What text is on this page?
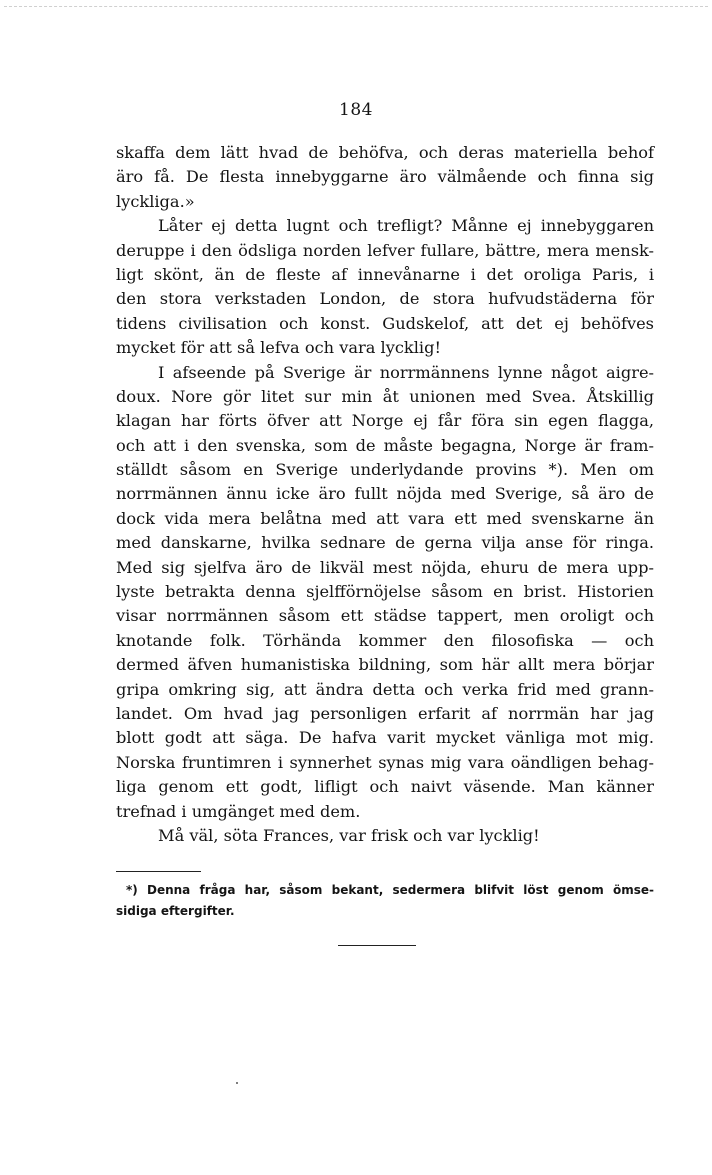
184
skaffa dem lätt hvad de behöfva, och deras materiella behof
äro få. De flesta innebyggarne äro välmående och finna sig
lyckliga.»
Låter ej detta lugnt och trefligt? Månne ej innebyggaren
deruppe i den ödsliga norden lefver fullare, bättre, mera mensk-
ligt skönt, än de fleste af innevånarne i det oroliga Paris, i
den stora verkstaden London, de stora hufvudstäderna för
tidens civilisation och konst. Gudskelof, att det ej behöfves
mycket för att så lefva och vara lycklig!
I afseende på Sverige är norrmännens lynne något aigre-
doux. Nore gör litet sur min åt unionen med Svea. Åtskillig
klagan har förts öfver att Norge ej får föra sin egen flagga,
och att i den svenska, som de måste begagna, Norge är fram-
ställdt såsom en Sverige underlydande provins *). Men om
norrmännen ännu icke äro fullt nöjda med Sverige, så äro de
dock vida mera belåtna med att vara ett med svenskarne än
med danskarne, hvilka sednare de gerna vilja anse för ringa.
Med sig sjelfva äro de likväl mest nöjda, ehuru de mera upp-
lyste betrakta denna sjelfförnöjelse såsom en brist. Historien
visar norrmännen såsom ett städse tappert, men oroligt och
knotande folk. Törhända kommer den filosofiska — och
dermed äfven humanistiska bildning, som här allt mera börjar
gripa omkring sig, att ändra detta och verka frid med grann-
landet. Om hvad jag personligen erfarit af norrmän har jag
blott godt att säga. De hafva varit mycket vänliga mot mig.
Norska fruntimren i synnerhet synas mig vara oändligen behag-
liga genom ett godt, lifligt och naivt väsende. Man känner
trefnad i umgänget med dem.
Må väl, söta Frances, var frisk och var lycklig!
*) Denna fråga har, såsom bekant, sedermera blifvit löst genom ömse-
sidiga eftergifter.
